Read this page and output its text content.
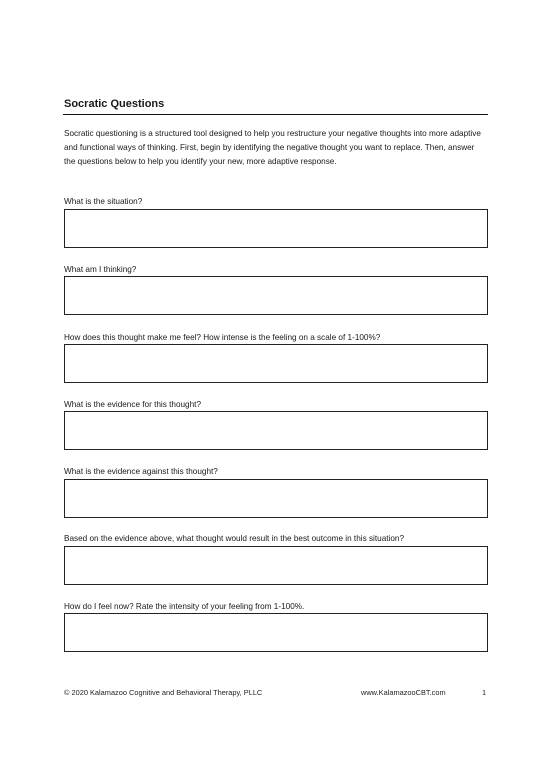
Socratic Questions
Socratic questioning is a structured tool designed to help you restructure your negative thoughts into more adaptive and functional ways of thinking. First, begin by identifying the negative thought you want to replace. Then, answer the questions below to help you identify your new, more adaptive response.
What is the situation?
What am I thinking?
How does this thought make me feel? How intense is the feeling on a scale of 1-100%?
What is the evidence for this thought?
What is the evidence against this thought?
Based on the evidence above, what thought would result in the best outcome in this situation?
How do I feel now? Rate the intensity of your feeling from 1-100%.
© 2020 Kalamazoo Cognitive and Behavioral Therapy, PLLC	www.KalamazooCBT.com	1
